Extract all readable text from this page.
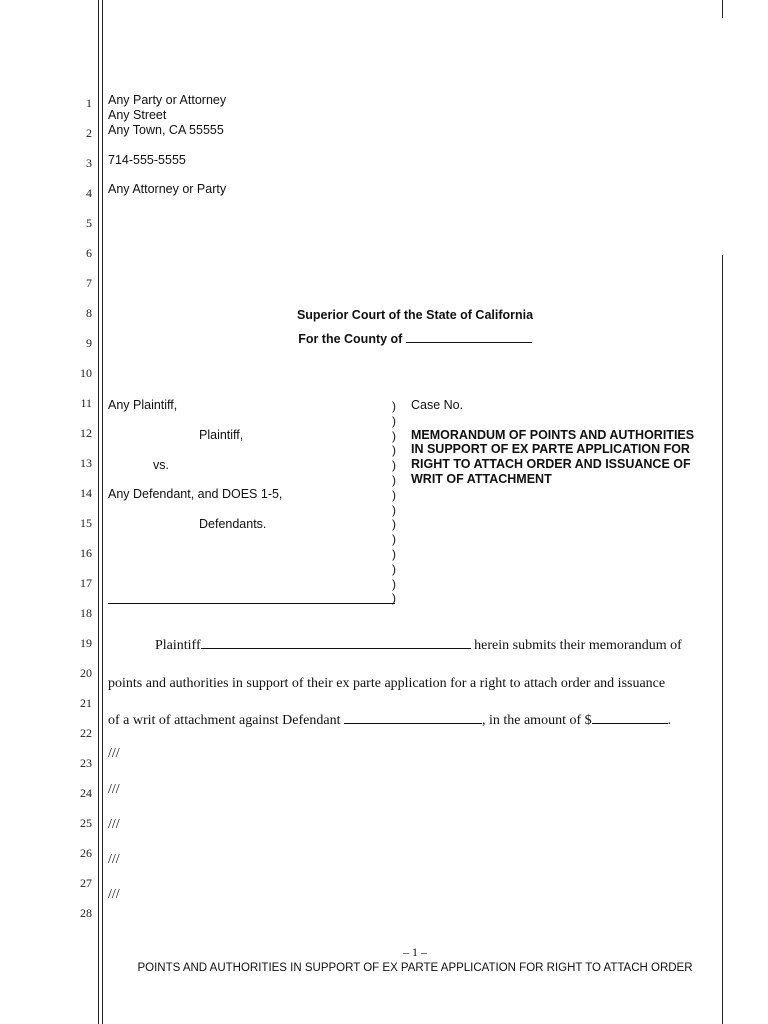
1
2
3
4
5
6
7
8
9
10
11
12
13
14
15
16
17
18
19
20
21
22
23
24
25
26
27
28
Any Party or Attorney
Any Street
Any Town, CA 55555
714-555-5555
Any Attorney or Party
Superior Court of the State of California
For the County of
Any Plaintiff,
Plaintiff,
vs.
Any Defendant, and DOES 1-5,
Defendants.
)
)
)
)
)
)
)
)
)
)
)
)
)
)
Case No.
MEMORANDUM OF POINTS AND AUTHORITIES
IN SUPPORT OF EX PARTE APPLICATION FOR
RIGHT TO ATTACH ORDER AND ISSUANCE OF
WRIT OF ATTACHMENT
Plaintiff	herein submits their memorandum of
points and authorities in support of their ex parte application for a right to attach order and issuance
of a writ of attachment against Defendant	, in the amount of $	.
///
///
///
///
///
– 1 –
POINTS AND AUTHORITIES IN SUPPORT OF EX PARTE APPLICATION FOR RIGHT TO ATTACH ORDER
